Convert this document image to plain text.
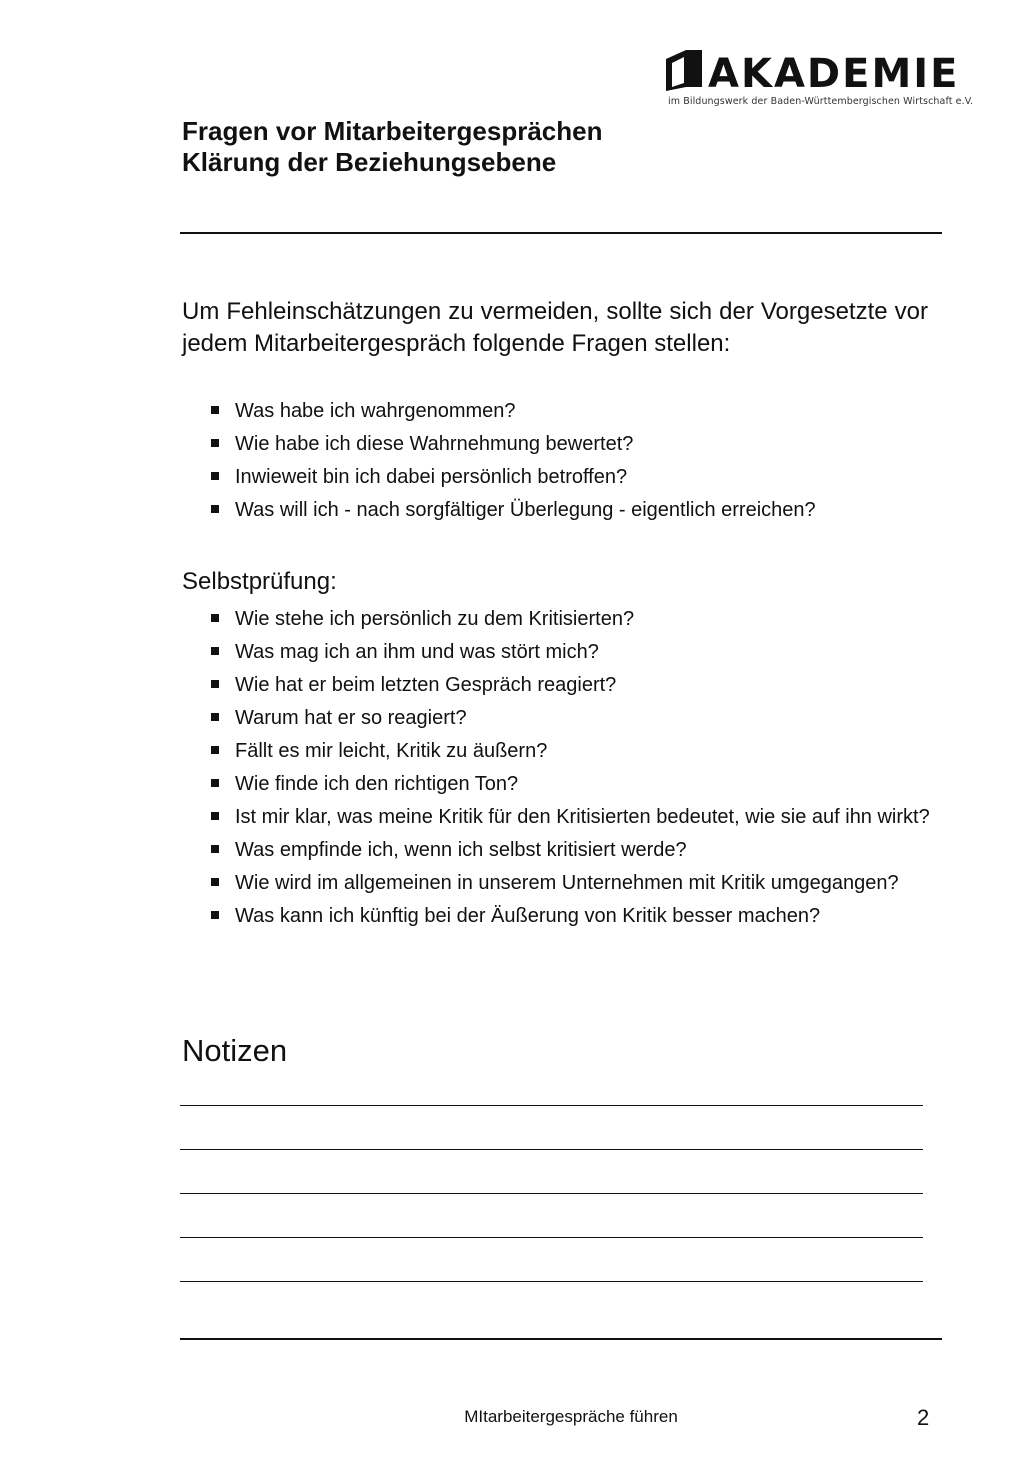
AKADEMIE
im Bildungswerk der Baden-Württembergischen Wirtschaft e.V.
Fragen vor Mitarbeitergesprächen
Klärung der Beziehungsebene
Um Fehleinschätzungen zu vermeiden, sollte sich der Vorgesetzte vor jedem Mitarbeitergespräch folgende Fragen stellen:
Was habe ich wahrgenommen?
Wie habe ich diese Wahrnehmung bewertet?
Inwieweit bin ich dabei persönlich betroffen?
Was will ich - nach sorgfältiger Überlegung - eigentlich erreichen?
Selbstprüfung:
Wie stehe ich persönlich zu dem Kritisierten?
Was mag ich an ihm und was stört mich?
Wie hat er beim letzten Gespräch reagiert?
Warum hat er so reagiert?
Fällt es mir leicht, Kritik zu äußern?
Wie finde ich den richtigen Ton?
Ist mir klar, was meine Kritik für den Kritisierten bedeutet, wie sie auf ihn wirkt?
Was empfinde ich, wenn ich selbst kritisiert werde?
Wie wird im allgemeinen in unserem Unternehmen mit Kritik umgegangen?
Was kann ich künftig bei der Äußerung von Kritik besser machen?
Notizen
MItarbeitergespräche führen	2
